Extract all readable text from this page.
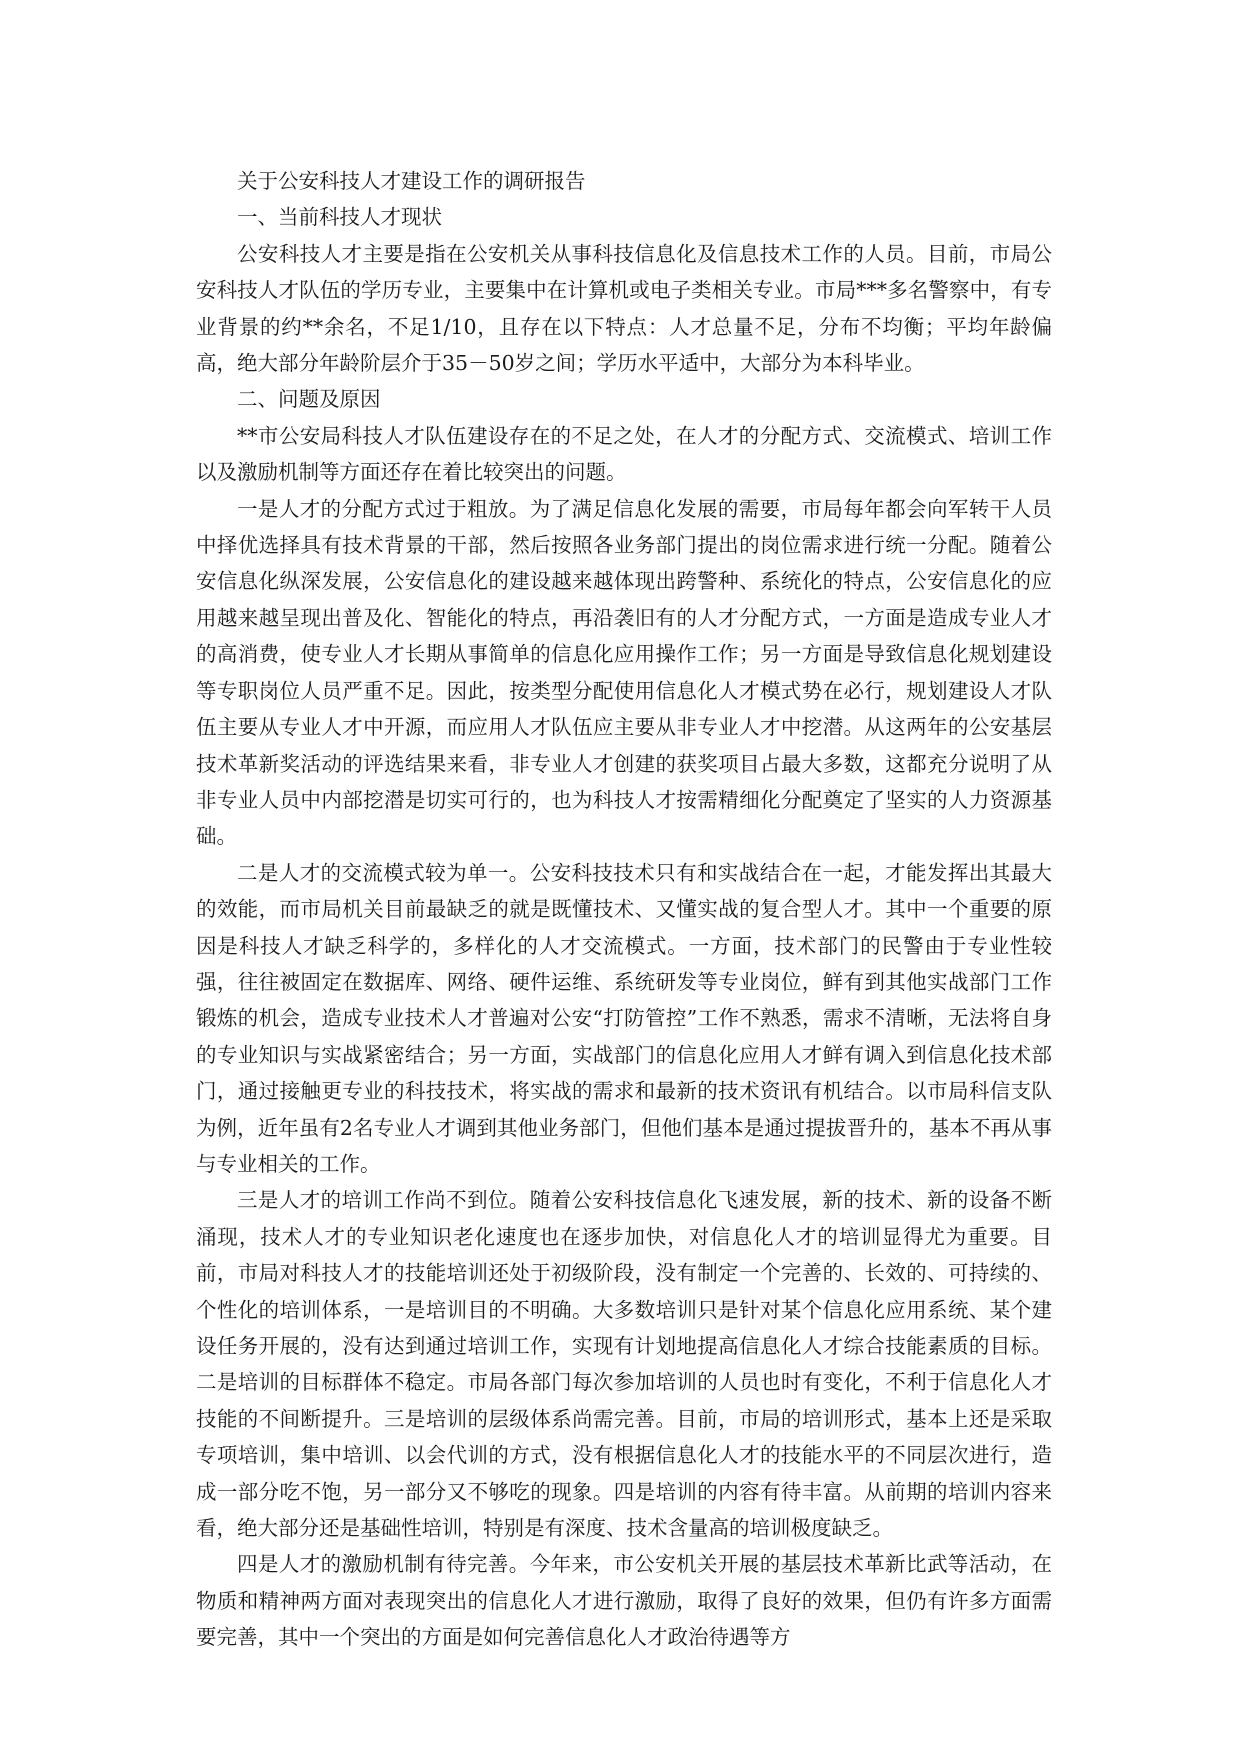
关于公安科技人才建设工作的调研报告

一、当前科技人才现状

公安科技人才主要是指在公安机关从事科技信息化及信息技术工作的人员。目前，市局公安科技人才队伍的学历专业，主要集中在计算机或电子类相关专业。市局***多名警察中，有专业背景的约**余名，不足1/10，且存在以下特点：人才总量不足，分布不均衡；平均年龄偏高，绝大部分年龄阶层介于35－50岁之间；学历水平适中，大部分为本科毕业。

二、问题及原因

**市公安局科技人才队伍建设存在的不足之处，在人才的分配方式、交流模式、培训工作以及激励机制等方面还存在着比较突出的问题。

一是人才的分配方式过于粗放。为了满足信息化发展的需要，市局每年都会向军转干人员中择优选择具有技术背景的干部，然后按照各业务部门提出的岗位需求进行统一分配。随着公安信息化纵深发展，公安信息化的建设越来越体现出跨警种、系统化的特点，公安信息化的应用越来越呈现出普及化、智能化的特点，再沿袭旧有的人才分配方式，一方面是造成专业人才的高消费，使专业人才长期从事简单的信息化应用操作工作；另一方面是导致信息化规划建设等专职岗位人员严重不足。因此，按类型分配使用信息化人才模式势在必行，规划建设人才队伍主要从专业人才中开源，而应用人才队伍应主要从非专业人才中挖潜。从这两年的公安基层技术革新奖活动的评选结果来看，非专业人才创建的获奖项目占最大多数，这都充分说明了从非专业人员中内部挖潜是切实可行的，也为科技人才按需精细化分配奠定了坚实的人力资源基础。

二是人才的交流模式较为单一。公安科技技术只有和实战结合在一起，才能发挥出其最大的效能，而市局机关目前最缺乏的就是既懂技术、又懂实战的复合型人才。其中一个重要的原因是科技人才缺乏科学的，多样化的人才交流模式。一方面，技术部门的民警由于专业性较强，往往被固定在数据库、网络、硬件运维、系统研发等专业岗位，鲜有到其他实战部门工作锻炼的机会，造成专业技术人才普遍对公安“打防管控”工作不熟悉，需求不清晰，无法将自身的专业知识与实战紧密结合；另一方面，实战部门的信息化应用人才鲜有调入到信息化技术部门，通过接触更专业的科技技术，将实战的需求和最新的技术资讯有机结合。以市局科信支队为例，近年虽有2名专业人才调到其他业务部门，但他们基本是通过提拔晋升的，基本不再从事与专业相关的工作。

三是人才的培训工作尚不到位。随着公安科技信息化飞速发展，新的技术、新的设备不断涌现，技术人才的专业知识老化速度也在逐步加快，对信息化人才的培训显得尤为重要。目前，市局对科技人才的技能培训还处于初级阶段，没有制定一个完善的、长效的、可持续的、个性化的培训体系，一是培训目的不明确。大多数培训只是针对某个信息化应用系统、某个建设任务开展的，没有达到通过培训工作，实现有计划地提高信息化人才综合技能素质的目标。二是培训的目标群体不稳定。市局各部门每次参加培训的人员也时有变化，不利于信息化人才技能的不间断提升。三是培训的层级体系尚需完善。目前，市局的培训形式，基本上还是采取专项培训，集中培训、以会代训的方式，没有根据信息化人才的技能水平的不同层次进行，造成一部分吃不饱，另一部分又不够吃的现象。四是培训的内容有待丰富。从前期的培训内容来看，绝大部分还是基础性培训，特别是有深度、技术含量高的培训极度缺乏。

四是人才的激励机制有待完善。今年来，市公安机关开展的基层技术革新比武等活动，在物质和精神两方面对表现突出的信息化人才进行激励，取得了良好的效果，但仍有许多方面需要完善，其中一个突出的方面是如何完善信息化人才政治待遇等方
